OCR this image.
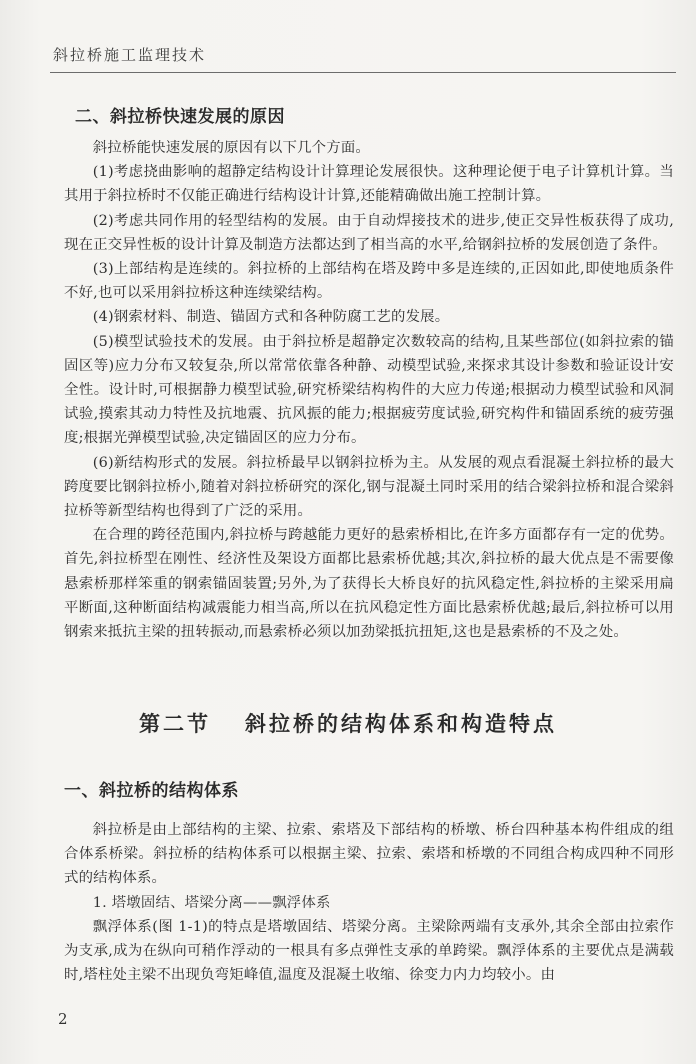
斜拉桥施工监理技术
二、斜拉桥快速发展的原因

斜拉桥能快速发展的原因有以下几个方面。

(1)考虑挠曲影响的超静定结构设计计算理论发展很快。这种理论便于电子计算机计算。当其用于斜拉桥时不仅能正确进行结构设计计算,还能精确做出施工控制计算。

(2)考虑共同作用的轻型结构的发展。由于自动焊接技术的进步,使正交异性板获得了成功,现在正交异性板的设计计算及制造方法都达到了相当高的水平,给钢斜拉桥的发展创造了条件。

(3)上部结构是连续的。斜拉桥的上部结构在塔及跨中多是连续的,正因如此,即使地质条件不好,也可以采用斜拉桥这种连续梁结构。

(4)钢索材料、制造、锚固方式和各种防腐工艺的发展。

(5)模型试验技术的发展。由于斜拉桥是超静定次数较高的结构,且某些部位(如斜拉索的锚固区等)应力分布又较复杂,所以常常依靠各种静、动模型试验,来探求其设计参数和验证设计安全性。设计时,可根据静力模型试验,研究桥梁结构构件的大应力传递;根据动力模型试验和风洞试验,摸索其动力特性及抗地震、抗风振的能力;根据疲劳度试验,研究构件和锚固系统的疲劳强度;根据光弹模型试验,决定锚固区的应力分布。

(6)新结构形式的发展。斜拉桥最早以钢斜拉桥为主。从发展的观点看混凝土斜拉桥的最大跨度要比钢斜拉桥小,随着对斜拉桥研究的深化,钢与混凝土同时采用的结合梁斜拉桥和混合梁斜拉桥等新型结构也得到了广泛的采用。

在合理的跨径范围内,斜拉桥与跨越能力更好的悬索桥相比,在许多方面都存有一定的优势。首先,斜拉桥型在刚性、经济性及架设方面都比悬索桥优越;其次,斜拉桥的最大优点是不需要像悬索桥那样笨重的钢索锚固装置;另外,为了获得长大桥良好的抗风稳定性,斜拉桥的主梁采用扁平断面,这种断面结构减震能力相当高,所以在抗风稳定性方面比悬索桥优越;最后,斜拉桥可以用钢索来抵抗主梁的扭转振动,而悬索桥必须以加劲梁抵抗扭矩,这也是悬索桥的不及之处。

第二节 斜拉桥的结构体系和构造特点
一、斜拉桥的结构体系

斜拉桥是由上部结构的主梁、拉索、索塔及下部结构的桥墩、桥台四种基本构件组成的组合体系桥梁。斜拉桥的结构体系可以根据主梁、拉索、索塔和桥墩的不同组合构成四种不同形式的结构体系。

1. 塔墩固结、塔梁分离——飘浮体系

飘浮体系(图 1-1)的特点是塔墩固结、塔梁分离。主梁除两端有支承外,其余全部由拉索作为支承,成为在纵向可稍作浮动的一根具有多点弹性支承的单跨梁。飘浮体系的主要优点是满载时,塔柱处主梁不出现负弯矩峰值,温度及混凝土收缩、徐变力内力均较小。由

2
